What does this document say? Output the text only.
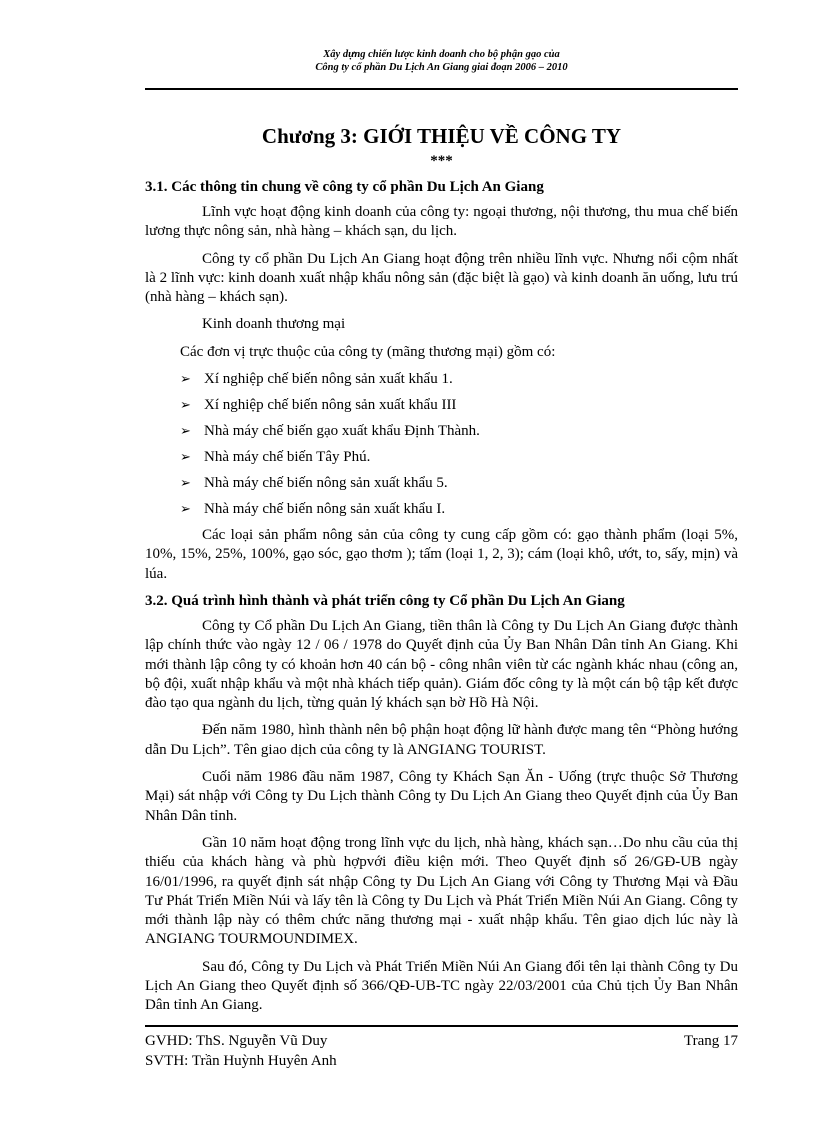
Xây dựng chiến lược kinh doanh cho bộ phận gạo của
Công ty cổ phần Du Lịch An Giang giai đoạn 2006 – 2010
Chương 3: GIỚI THIỆU VỀ CÔNG TY
***
3.1. Các thông tin chung về công ty cổ phần Du Lịch An Giang

Lĩnh vực hoạt động kinh doanh của công ty: ngoại thương, nội thương, thu mua chế biến lương thực nông sản, nhà hàng – khách sạn, du lịch.

Công ty cổ phần Du Lịch An Giang hoạt động trên nhiều lĩnh vực. Nhưng nổi cộm nhất là 2 lĩnh vực: kinh doanh xuất nhập khẩu nông sản (đặc biệt là gạo) và kinh doanh ăn uống, lưu trú (nhà hàng – khách sạn).

Kinh doanh thương mại

Các đơn vị trực thuộc của công ty (mãng thương mại) gồm có:

➢ Xí nghiệp chế biến nông sản xuất khẩu 1.
➢ Xí nghiệp chế biến nông sản xuất khẩu III
➢ Nhà máy chế biến gạo xuất khẩu Định Thành.
➢ Nhà máy chế biến Tây Phú.
➢ Nhà máy chế biến nông sản xuất khẩu 5.
➢ Nhà máy chế biến nông sản xuất khẩu I.

Các loại sản phẩm nông sản của công ty cung cấp gồm có: gạo thành phẩm (loại 5%, 10%, 15%, 25%, 100%, gạo sóc, gạo thơm ); tấm (loại 1, 2, 3); cám (loại khô, ướt, to, sấy, mịn) và lúa.

3.2. Quá trình hình thành và phát triển công ty Cổ phần Du Lịch An Giang

Công ty Cổ phần Du Lịch An Giang, tiền thân là Công ty Du Lịch An Giang được thành lập chính thức vào ngày 12 / 06 / 1978 do Quyết định của Ủy Ban Nhân Dân tỉnh An Giang. Khi mới thành lập công ty có khoản hơn 40 cán bộ - công nhân viên từ các ngành khác nhau (công an, bộ đội, xuất nhập khẩu và một nhà khách tiếp quản). Giám đốc công ty là một cán bộ tập kết được đào tạo qua ngành du lịch, từng quản lý khách sạn bờ Hồ Hà Nội.

Đến năm 1980, hình thành nên bộ phận hoạt động lữ hành được mang tên “Phòng hướng dẫn Du Lịch”. Tên giao dịch của công ty là ANGIANG TOURIST.

Cuối năm 1986 đầu năm 1987, Công ty Khách Sạn Ăn - Uống (trực thuộc Sở Thương Mại) sát nhập với Công ty Du Lịch thành Công ty Du Lịch An Giang theo Quyết định của Ủy Ban Nhân Dân tỉnh.

Gần 10 năm hoạt động trong lĩnh vực du lịch, nhà hàng, khách sạn…Do nhu cầu của thị thiếu của khách hàng và phù hợpvới điều kiện mới. Theo Quyết định số 26/GĐ-UB ngày 16/01/1996, ra quyết định sát nhập Công ty Du Lịch An Giang với Công ty Thương Mại và Đầu Tư Phát Triển Miền Núi và lấy tên là Công ty Du Lịch và Phát Triển Miền Núi An Giang. Công ty mới thành lập này có thêm chức năng thương mại - xuất nhập khẩu. Tên giao dịch lúc này là ANGIANG TOURMOUNDIMEX.

Sau đó, Công ty Du Lịch và Phát Triển Miền Núi An Giang đổi tên lại thành Công ty Du Lịch An Giang theo Quyết định số 366/QĐ-UB-TC ngày 22/03/2001 của Chủ tịch Ủy Ban Nhân Dân tỉnh An Giang.

GVHD: ThS. Nguyễn Vũ Duy	Trang 17
SVTH: Trần Huỳnh Huyên Anh
